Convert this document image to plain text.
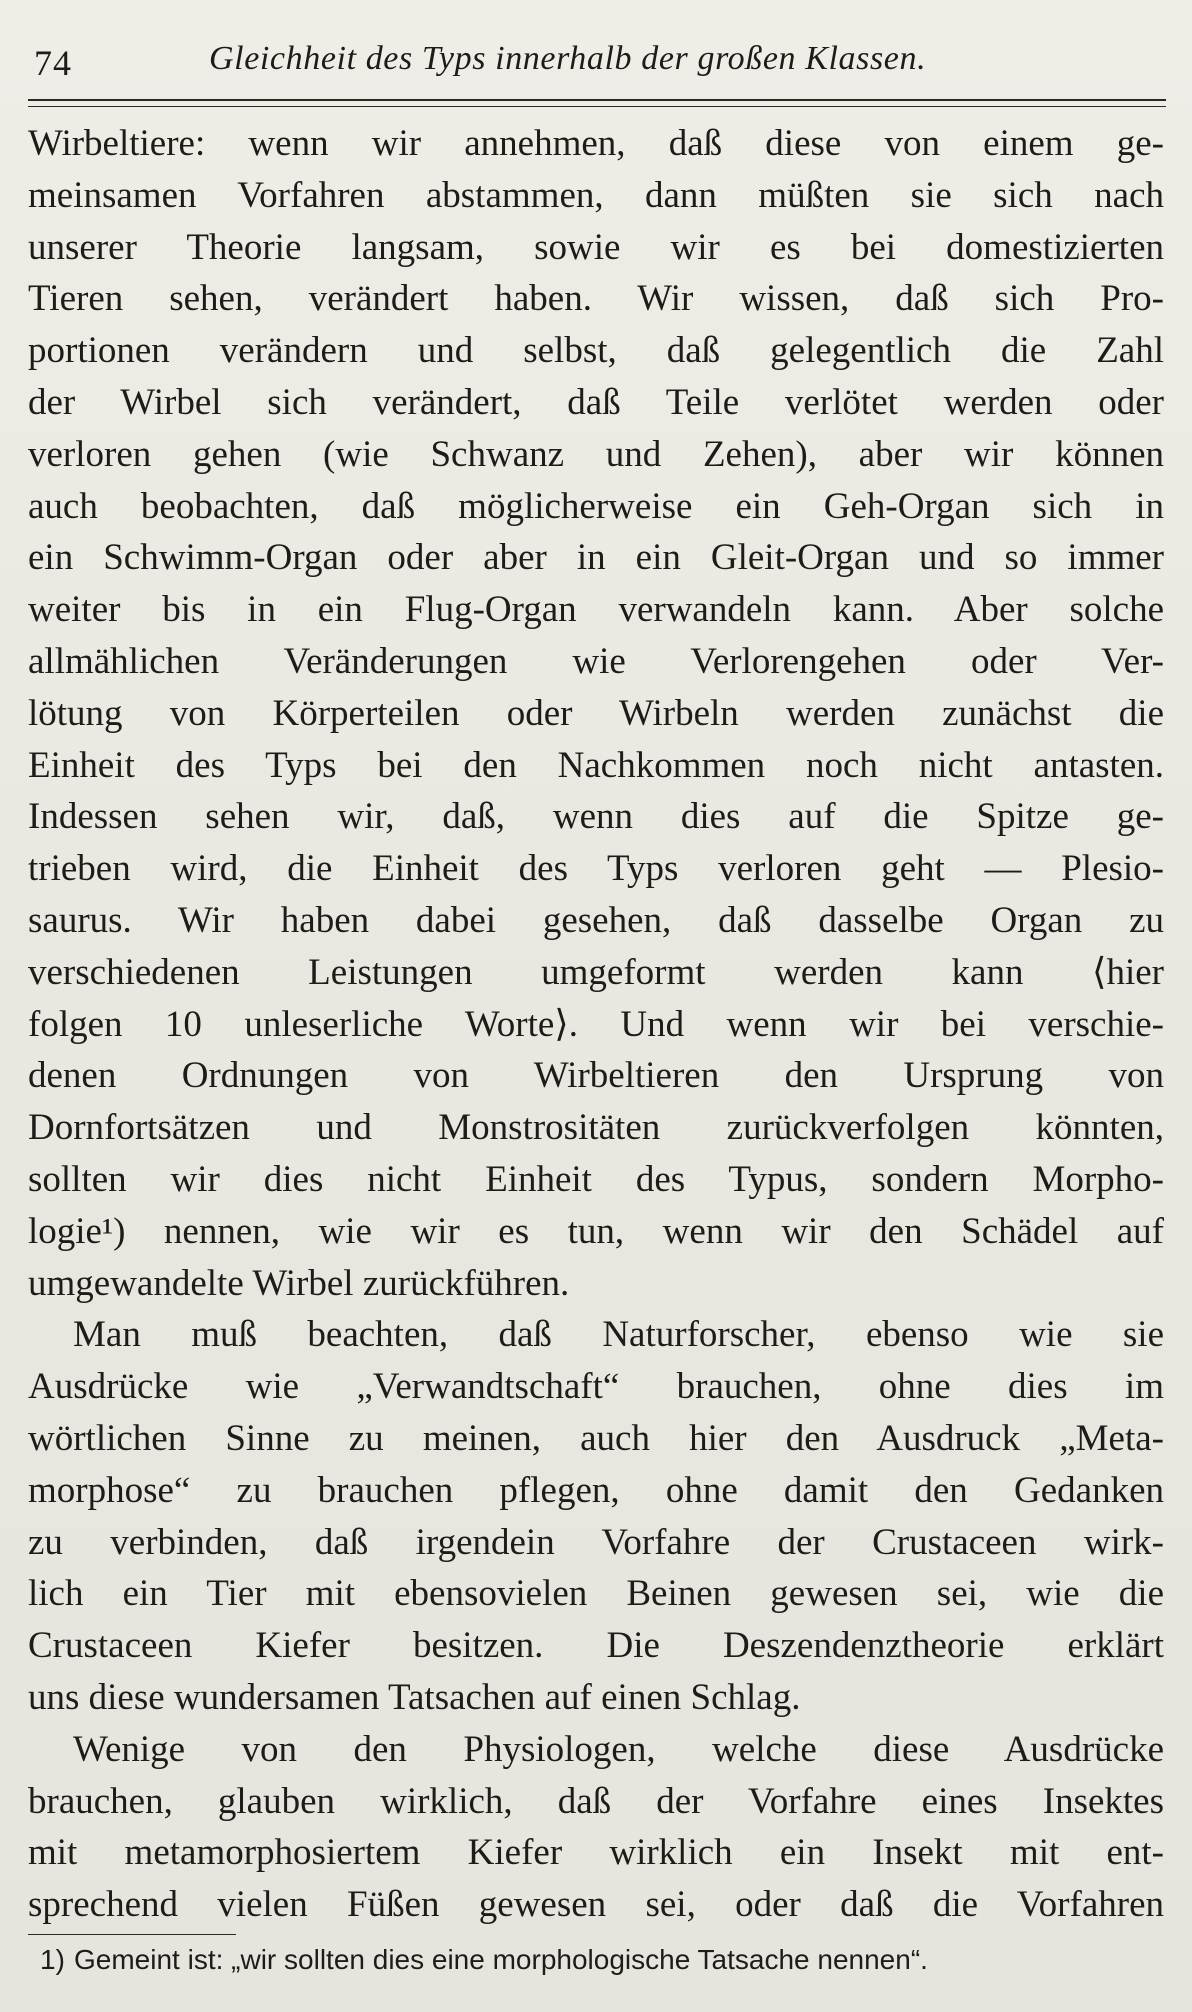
74	Gleichheit des Typs innerhalb der großen Klassen.
Wirbeltiere: wenn wir annehmen, daß diese von einem ge-
meinsamen Vorfahren abstammen, dann müßten sie sich nach
unserer Theorie langsam, sowie wir es bei domestizierten
Tieren sehen, verändert haben. Wir wissen, daß sich Pro-
portionen verändern und selbst, daß gelegentlich die Zahl
der Wirbel sich verändert, daß Teile verlötet werden oder
verloren gehen (wie Schwanz und Zehen), aber wir können
auch beobachten, daß möglicherweise ein Geh-Organ sich in
ein Schwimm-Organ oder aber in ein Gleit-Organ und so immer
weiter bis in ein Flug-Organ verwandeln kann. Aber solche
allmählichen Veränderungen wie Verlorengehen oder Ver-
lötung von Körperteilen oder Wirbeln werden zunächst die
Einheit des Typs bei den Nachkommen noch nicht antasten.
Indessen sehen wir, daß, wenn dies auf die Spitze ge-
trieben wird, die Einheit des Typs verloren geht — Plesio-
saurus. Wir haben dabei gesehen, daß dasselbe Organ zu
verschiedenen Leistungen umgeformt werden kann ⟨hier
folgen 10 unleserliche Worte⟩. Und wenn wir bei verschie-
denen Ordnungen von Wirbeltieren den Ursprung von
Dornfortsätzen und Monstrositäten zurückverfolgen könnten,
sollten wir dies nicht Einheit des Typus, sondern Morpho-
logie¹) nennen, wie wir es tun, wenn wir den Schädel auf
umgewandelte Wirbel zurückführen.
Man muß beachten, daß Naturforscher, ebenso wie sie
Ausdrücke wie „Verwandtschaft“ brauchen, ohne dies im
wörtlichen Sinne zu meinen, auch hier den Ausdruck „Meta-
morphose“ zu brauchen pflegen, ohne damit den Gedanken
zu verbinden, daß irgendein Vorfahre der Crustaceen wirk-
lich ein Tier mit ebensovielen Beinen gewesen sei, wie die
Crustaceen Kiefer besitzen. Die Deszendenztheorie erklärt
uns diese wundersamen Tatsachen auf einen Schlag.
Wenige von den Physiologen, welche diese Ausdrücke
brauchen, glauben wirklich, daß der Vorfahre eines Insektes
mit metamorphosiertem Kiefer wirklich ein Insekt mit ent-
sprechend vielen Füßen gewesen sei, oder daß die Vorfahren
1) Gemeint ist: „wir sollten dies eine morphologische Tatsache nennen“.
